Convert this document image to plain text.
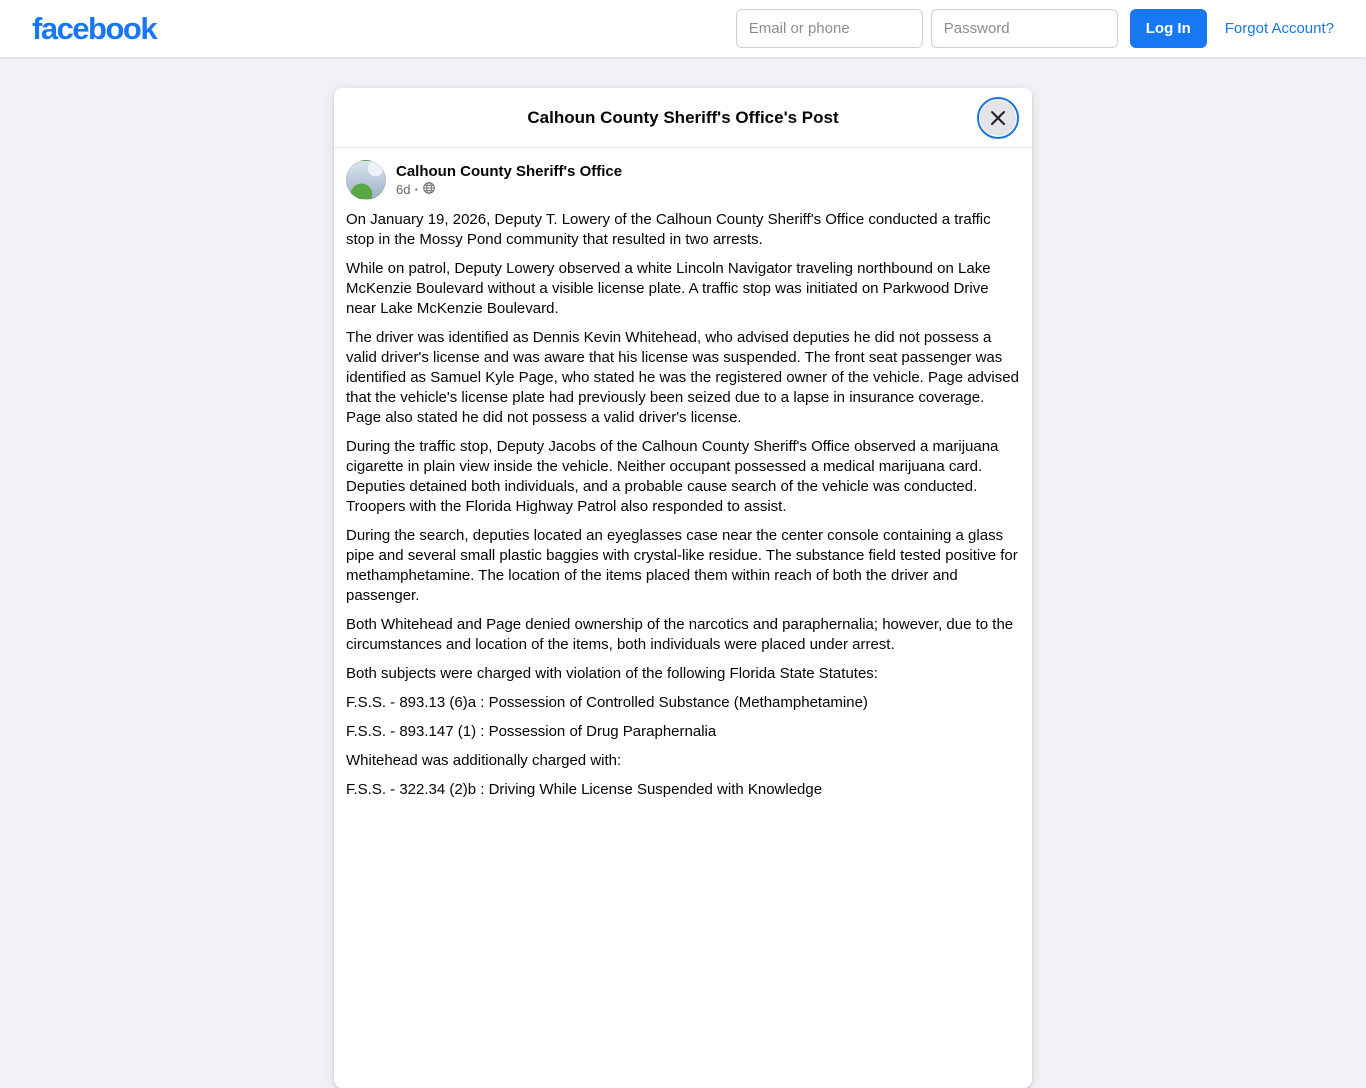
facebook
Email or phone	Log In	Forgot Account?
Calhoun County Sheriff's Office's Post
Calhoun County Sheriff's Office
6d ·

On January 19, 2026, Deputy T. Lowery of the Calhoun County Sheriff's Office conducted a traffic stop in the Mossy Pond community that resulted in two arrests.

While on patrol, Deputy Lowery observed a white Lincoln Navigator traveling northbound on Lake McKenzie Boulevard without a visible license plate. A traffic stop was initiated on Parkwood Drive near Lake McKenzie Boulevard.

The driver was identified as Dennis Kevin Whitehead, who advised deputies he did not possess a valid driver's license and was aware that his license was suspended. The front seat passenger was identified as Samuel Kyle Page, who stated he was the registered owner of the vehicle. Page advised that the vehicle's license plate had previously been seized due to a lapse in insurance coverage. Page also stated he did not possess a valid driver's license.

During the traffic stop, Deputy Jacobs of the Calhoun County Sheriff's Office observed a marijuana cigarette in plain view inside the vehicle. Neither occupant possessed a medical marijuana card. Deputies detained both individuals, and a probable cause search of the vehicle was conducted. Troopers with the Florida Highway Patrol also responded to assist.

During the search, deputies located an eyeglasses case near the center console containing a glass pipe and several small plastic baggies with crystal-like residue. The substance field tested positive for methamphetamine. The location of the items placed them within reach of both the driver and passenger.

Both Whitehead and Page denied ownership of the narcotics and paraphernalia; however, due to the circumstances and location of the items, both individuals were placed under arrest.

Both subjects were charged with violation of the following Florida State Statutes:

F.S.S. - 893.13 (6)a : Possession of Controlled Substance (Methamphetamine)

F.S.S. - 893.147 (1) : Possession of Drug Paraphernalia

Whitehead was additionally charged with:

F.S.S. - 322.34 (2)b : Driving While License Suspended with Knowledge
